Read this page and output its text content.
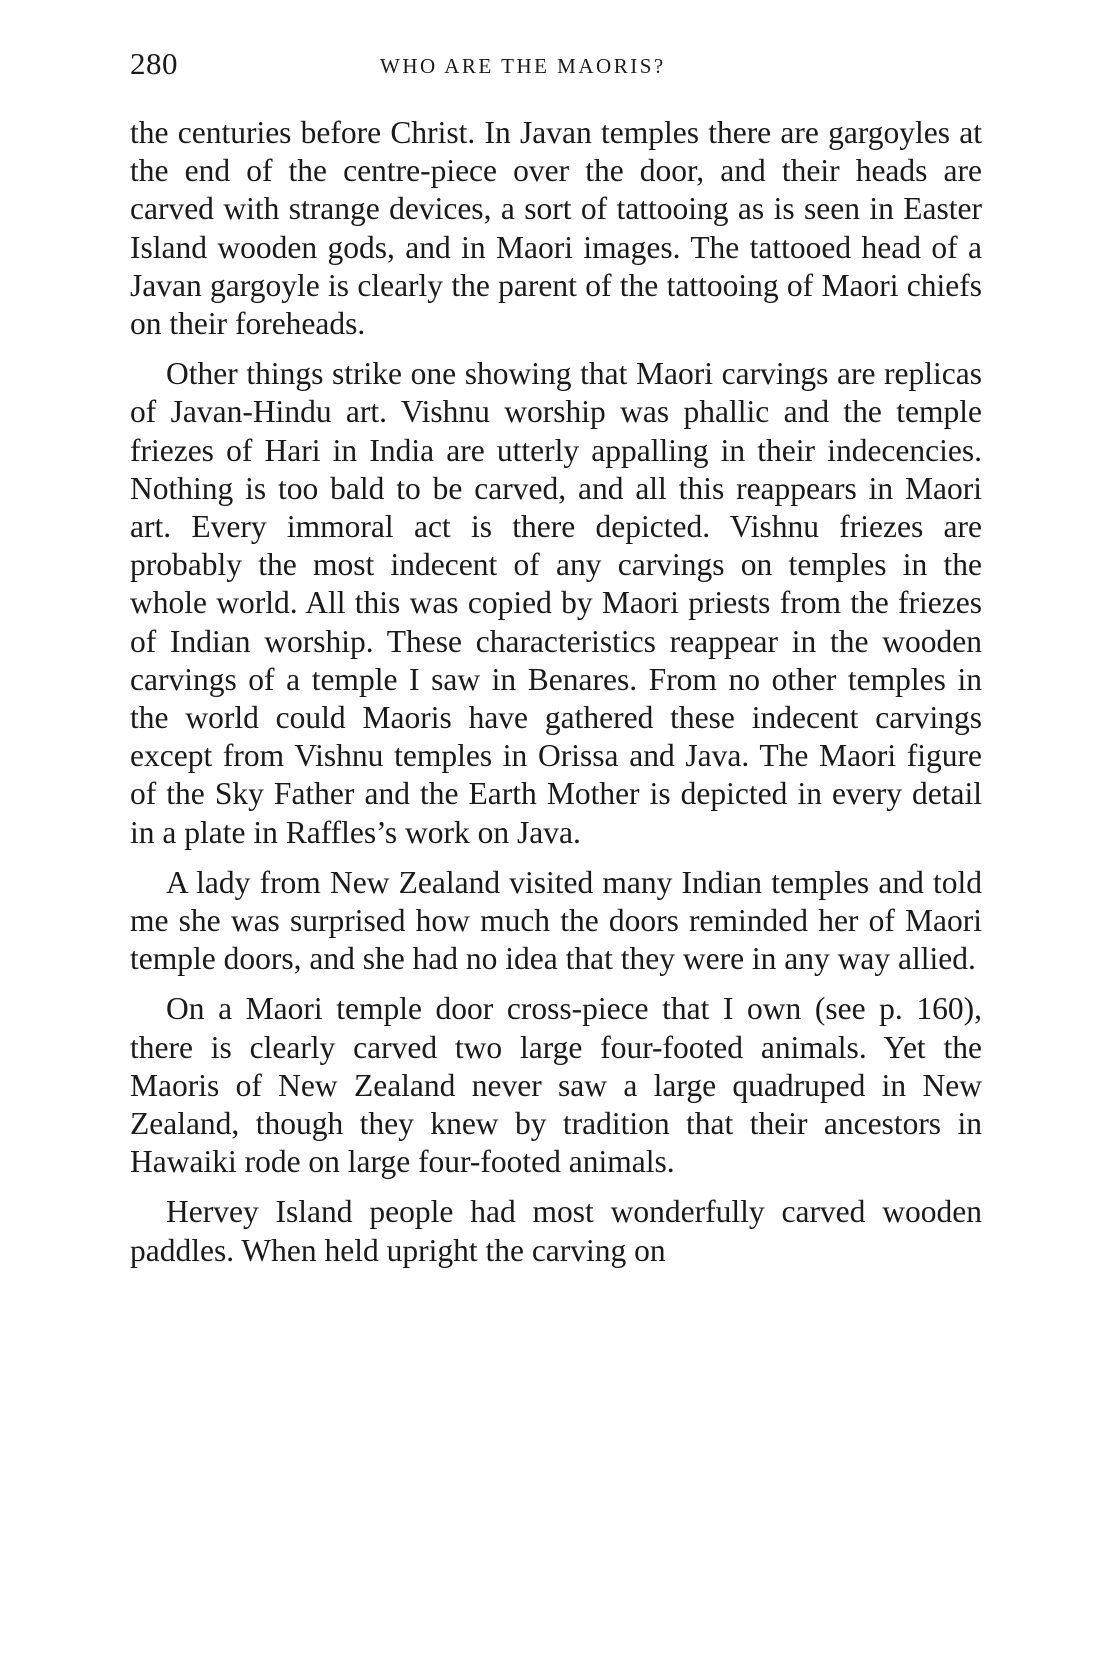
280	WHO ARE THE MAORIS?

the centuries before Christ. In Javan temples there are gargoyles at the end of the centre-piece over the door, and their heads are carved with strange devices, a sort of tattooing as is seen in Easter Island wooden gods, and in Maori images. The tattooed head of a Javan gargoyle is clearly the parent of the tattooing of Maori chiefs on their foreheads.

Other things strike one showing that Maori carvings are replicas of Javan-Hindu art. Vishnu worship was phallic and the temple friezes of Hari in India are utterly appalling in their indecencies. Nothing is too bald to be carved, and all this reappears in Maori art. Every immoral act is there depicted. Vishnu friezes are probably the most indecent of any carvings on temples in the whole world. All this was copied by Maori priests from the friezes of Indian worship. These characteristics reappear in the wooden carvings of a temple I saw in Benares. From no other temples in the world could Maoris have gathered these indecent carvings except from Vishnu temples in Orissa and Java. The Maori figure of the Sky Father and the Earth Mother is depicted in every detail in a plate in Raffles’s work on Java.

A lady from New Zealand visited many Indian temples and told me she was surprised how much the doors reminded her of Maori temple doors, and she had no idea that they were in any way allied.

On a Maori temple door cross-piece that I own (see p. 160), there is clearly carved two large four-footed animals. Yet the Maoris of New Zealand never saw a large quadruped in New Zealand, though they knew by tradition that their ancestors in Hawaiki rode on large four-footed animals.

Hervey Island people had most wonderfully carved wooden paddles. When held upright the carving on
